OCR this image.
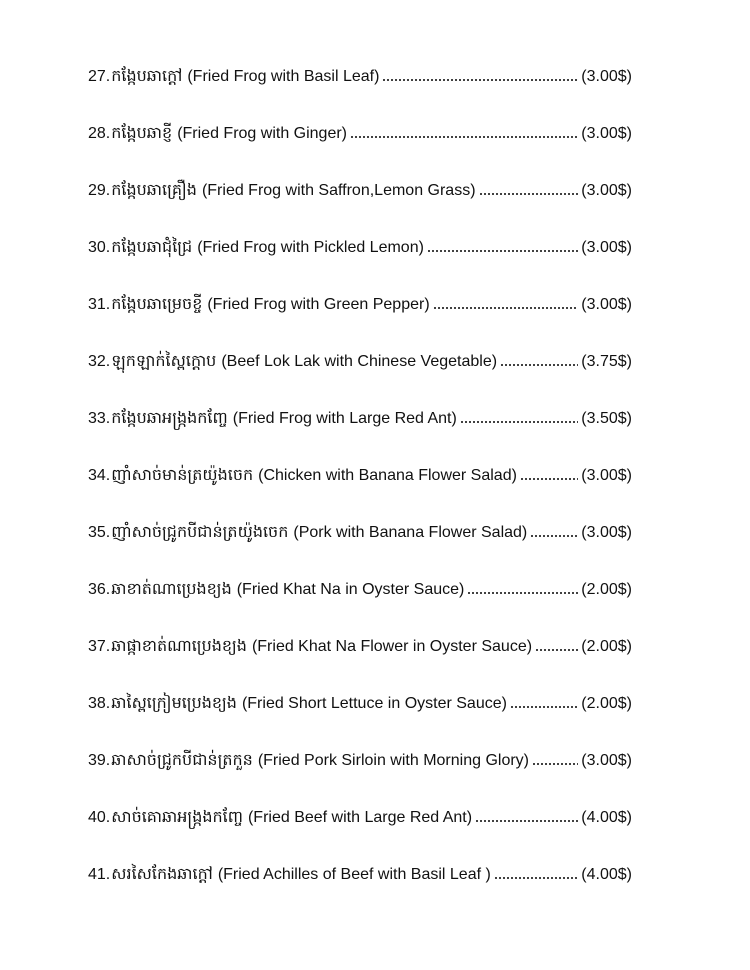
27. កង្កែបឆាក្តៅ (Fried Frog with Basil Leaf)	(3.00$)
28. កង្កែបឆាខ្ញី (Fried Frog with Ginger)	(3.00$)
29. កង្កែបឆាគ្រឿង (Fried Frog with Saffron,Lemon Grass)	(3.00$)
30. កង្កែបឆាជុំជ្រៃ (Fried Frog with Pickled Lemon)	(3.00$)
31. កង្កែបឆាម្រេចខ្ចី (Fried Frog with Green Pepper)	(3.00$)
32. ឡុកឡាក់ស្ពៃក្តោប (Beef Lok Lak with Chinese Vegetable)	(3.75$)
33. កង្កែបឆាអង្ក្រងកញ្ចែ (Fried Frog with Large Red Ant)	(3.50$)
34. ញាំសាច់មាន់ត្រយ៉ូងចេក (Chicken with Banana Flower Salad)	(3.00$)
35. ញាំសាច់ជ្រូកបីជាន់ត្រយ៉ូងចេក (Pork with Banana Flower Salad)	(3.00$)
36. ឆាខាត់ណាប្រេងខ្យង (Fried Khat Na in Oyster Sauce)	(2.00$)
37. ឆាផ្កាខាត់ណាប្រេងខ្យង (Fried Khat Na Flower in Oyster Sauce)	(2.00$)
38. ឆាស្ពៃក្រៀមប្រេងខ្យង (Fried Short Lettuce in Oyster Sauce)	(2.00$)
39. ឆាសាច់ជ្រូកបីជាន់ត្រកួន (Fried Pork Sirloin with Morning Glory)	(3.00$)
40. សាច់គោឆាអង្ក្រងកញ្ចែ (Fried Beef with Large Red Ant)	(4.00$)
41. សរសៃកែងឆាក្តៅ (Fried Achilles of Beef with Basil Leaf )	(4.00$)
